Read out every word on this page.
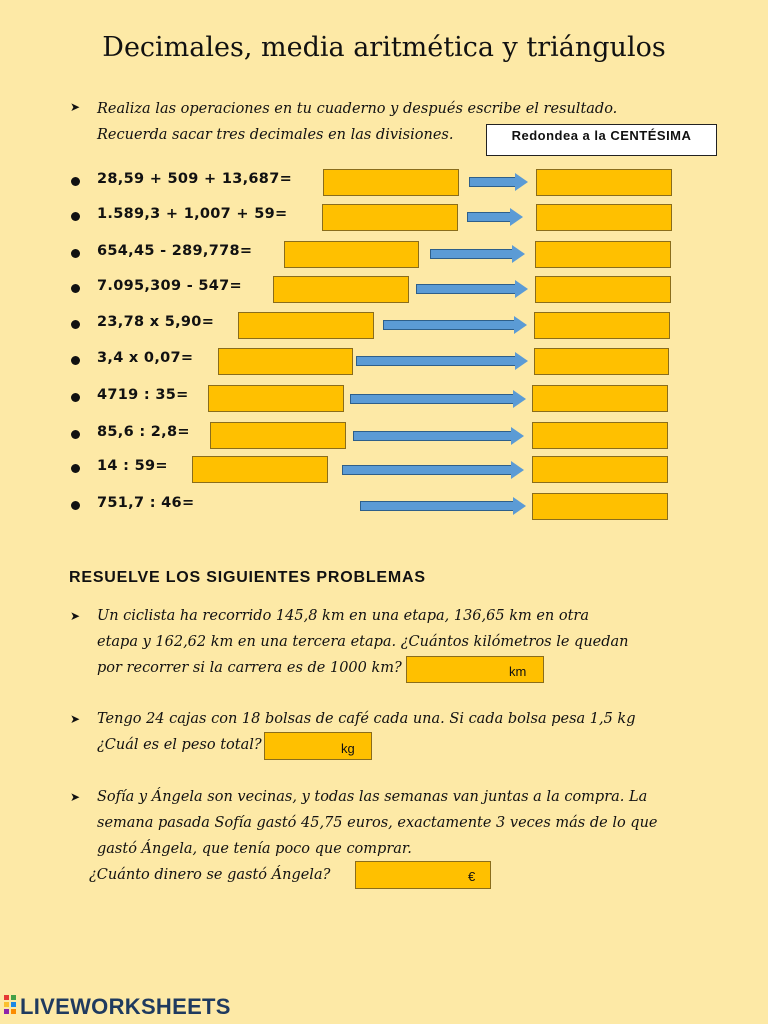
Decimales, media aritmética y triángulos
➤ Realiza las operaciones en tu cuaderno y después escribe el resultado.
Recuerda sacar tres decimales en las divisiones.	Redondea a la CENTÉSIMA
28,59 + 509 + 13,687=
1.589,3 + 1,007 + 59=
654,45 - 289,778=
7.095,309 - 547=
23,78 x 5,90=
3,4 x 0,07=
4719 : 35=
85,6 : 2,8=
14 : 59=
751,7 : 46=
RESUELVE LOS SIGUIENTES PROBLEMAS
➤ Un ciclista ha recorrido 145,8 km en una etapa, 136,65 km en otra
etapa y 162,62 km en una tercera etapa. ¿Cuántos kilómetros le quedan
por recorrer si la carrera es de 1000 km?	km
➤ Tengo 24 cajas con 18 bolsas de café cada una. Si cada bolsa pesa 1,5 kg
¿Cuál es el peso total?	kg
➤ Sofía y Ángela son vecinas, y todas las semanas van juntas a la compra. La
semana pasada Sofía gastó 45,75 euros, exactamente 3 veces más de lo que
gastó Ángela, que tenía poco que comprar.
¿Cuánto dinero se gastó Ángela?	€
LIVEWORKSHEETS
